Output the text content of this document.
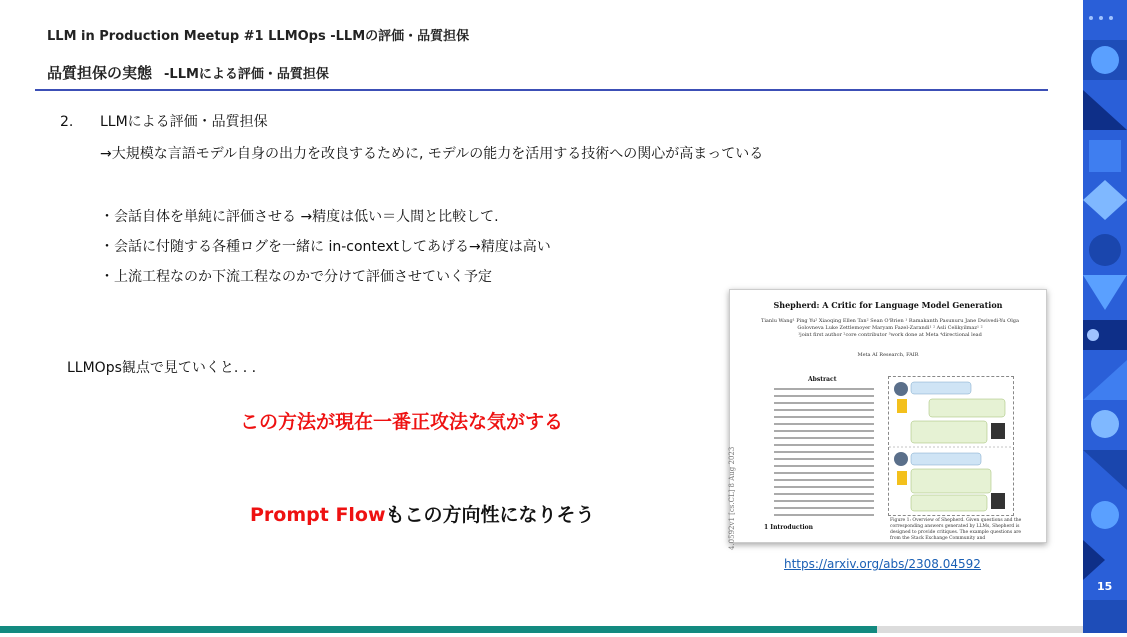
LLM in Production Meetup #1 LLMOps -LLMの評価・品質担保
品質担保の実態 -LLMによる評価・品質担保
2. LLMによる評価・品質担保
→大規模な言語モデル自身の出力を改良するために, モデルの能力を活用する技術への関心が高まっている
・会話自体を単純に評価させる →精度は低い＝人間と比較して.
・会話に付随する各種ログを一緒に in-contextしてあげる→精度は高い
・上流工程なのか下流工程なのかで分けて評価させていく予定
LLMOps観点で見ていくと. . .
この方法が現在一番正攻法な気がする
Prompt Flowもこの方向性になりそう
Shepherd: A Critic for Language Model Generation
Tianlu Wang¹ Ping Yu² Xiaoqing Ellen Tan² Sean O'Brien ¹ Ramakanth Pasunuru Jane Dwivedi-Yu Olga Golovneva Luke Zettlemoyer Maryam Fazel-Zarandi¹ ² Asli Celikyilmaz¹ ²
¹joint first author ²core contributor ³work done at Meta ⁴directional lead
Meta AI Research, FAIR
Abstract
4.0592v1 [cs.CL] 8 Aug 2023	1 Introduction
Figure 1: Overview of Shepherd. Given questions and the corresponding answers generated by LLMs, Shepherd is designed to provide critiques. The example questions are from the Stack Exchange Community and
https://arxiv.org/abs/2308.04592
15
